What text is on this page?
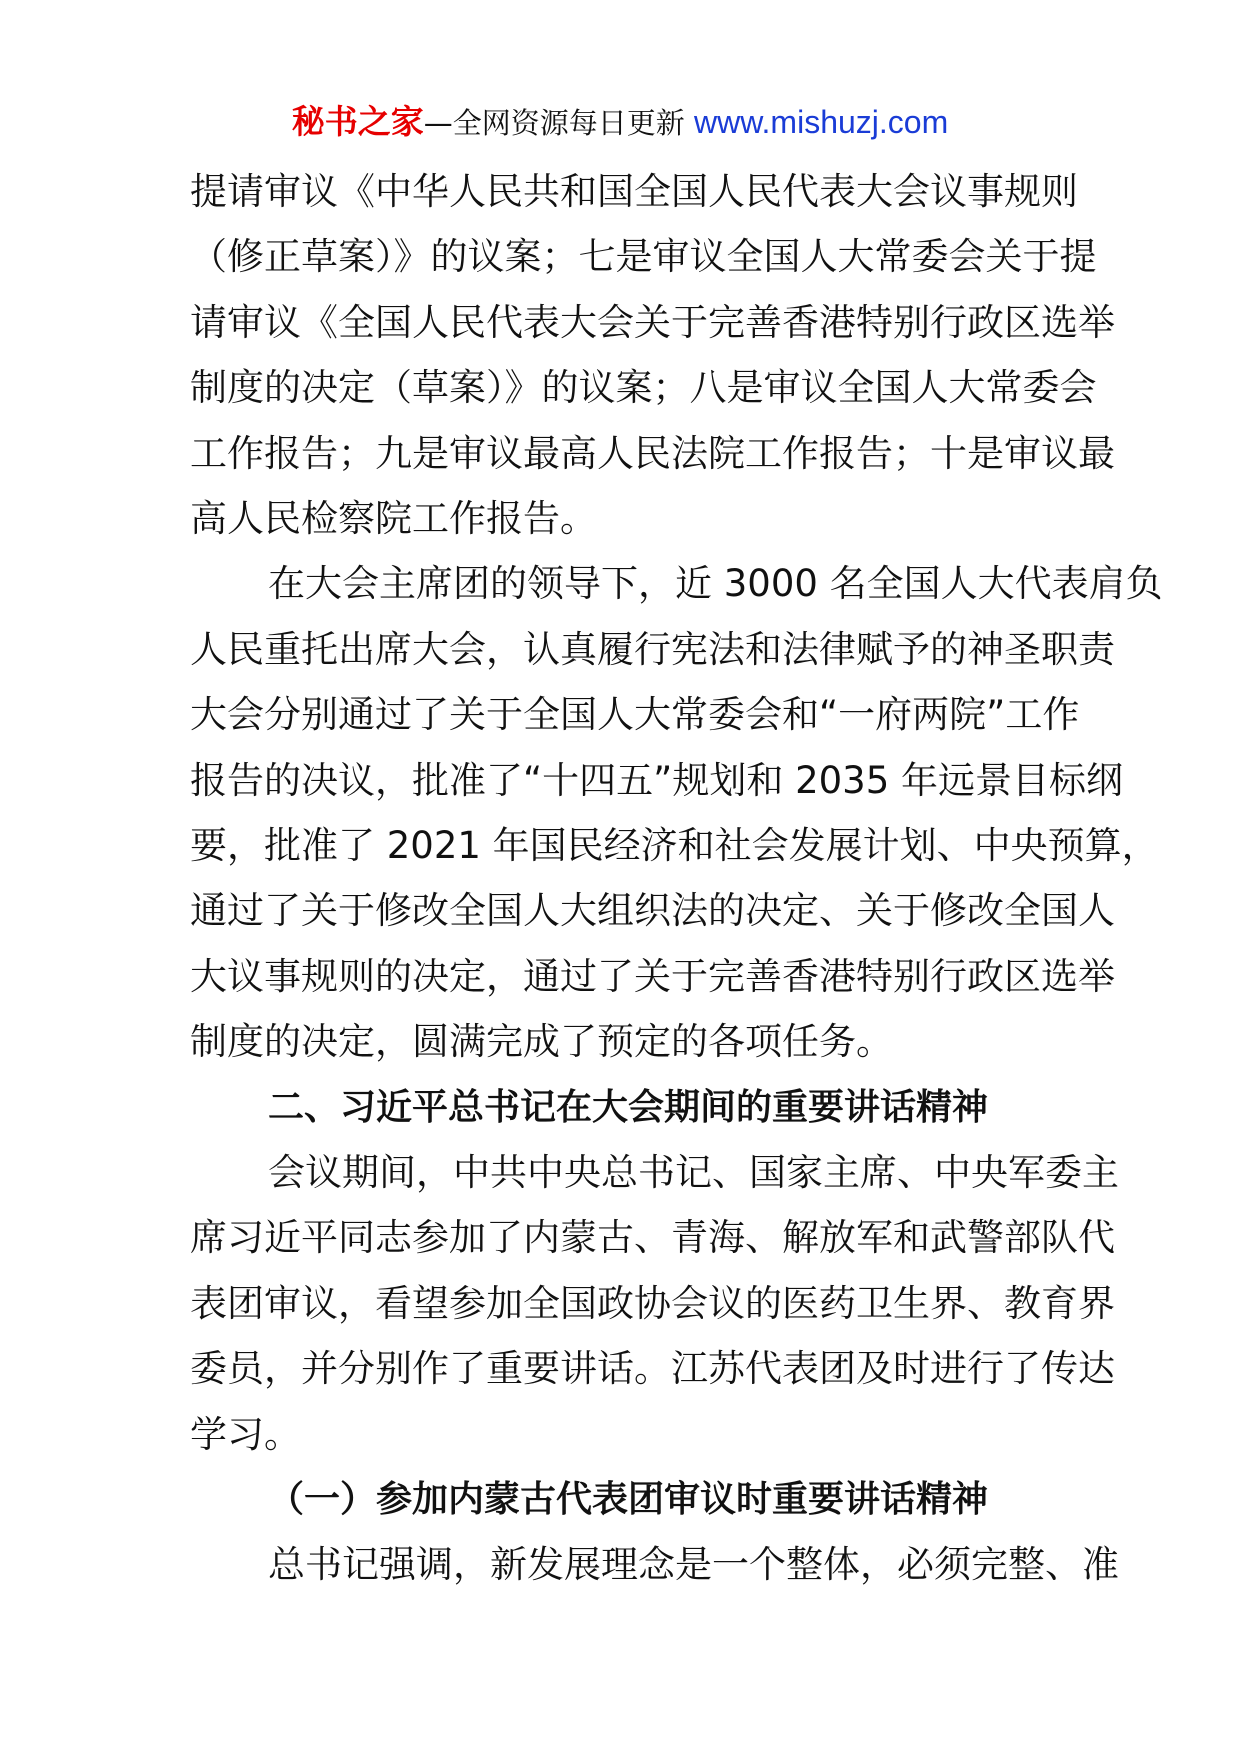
秘书之家—全网资源每日更新 www.mishuzj.com
提请审议《中华人民共和国全国人民代表大会议事规则
（修正草案）》的议案；七是审议全国人大常委会关于提
请审议《全国人民代表大会关于完善香港特别行政区选举
制度的决定（草案）》的议案；八是审议全国人大常委会
工作报告；九是审议最高人民法院工作报告；十是审议最
高人民检察院工作报告。
在大会主席团的领导下，近 3000 名全国人大代表肩负
人民重托出席大会，认真履行宪法和法律赋予的神圣职责
大会分别通过了关于全国人大常委会和“一府两院”工作
报告的决议，批准了“十四五”规划和 2035 年远景目标纲
要，批准了 2021 年国民经济和社会发展计划、中央预算，
通过了关于修改全国人大组织法的决定、关于修改全国人
大议事规则的决定，通过了关于完善香港特别行政区选举
制度的决定，圆满完成了预定的各项任务。
二、习近平总书记在大会期间的重要讲话精神
会议期间，中共中央总书记、国家主席、中央军委主
席习近平同志参加了内蒙古、青海、解放军和武警部队代
表团审议，看望参加全国政协会议的医药卫生界、教育界
委员，并分别作了重要讲话。江苏代表团及时进行了传达
学习。
（一）参加内蒙古代表团审议时重要讲话精神
总书记强调，新发展理念是一个整体，必须完整、准
